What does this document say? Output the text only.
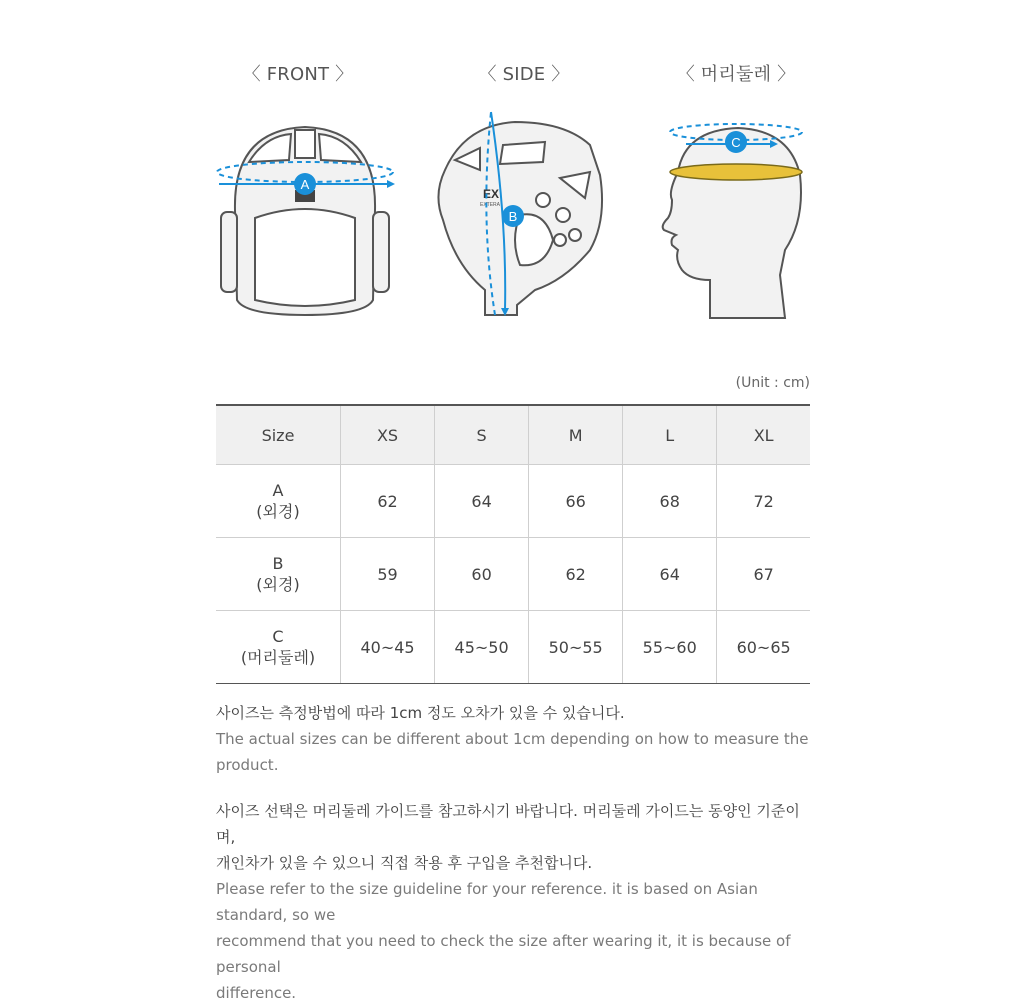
〈 FRONT 〉	〈 SIDE 〉	〈 머리둘레 〉
A
EX
EXTERA
B
C
(Unit : cm)
Size	XS	S	M	L	XL
A
(외경)	62	64	66	68	72
B
(외경)	59	60	62	64	67
C
(머리둘레)	40~45	45~50	50~55	55~60	60~65
사이즈는 측정방법에 따라 1cm 정도 오차가 있을 수 있습니다.
The actual sizes can be different about 1cm depending on how to measure the product.
사이즈 선택은 머리둘레 가이드를 참고하시기 바랍니다. 머리둘레 가이드는 동양인 기준이며,
개인차가 있을 수 있으니 직접 착용 후 구입을 추천합니다.
Please refer to the size guideline for your reference. it is based on Asian standard, so we
recommend that you need to check the size after wearing it, it is because of personal
difference.
